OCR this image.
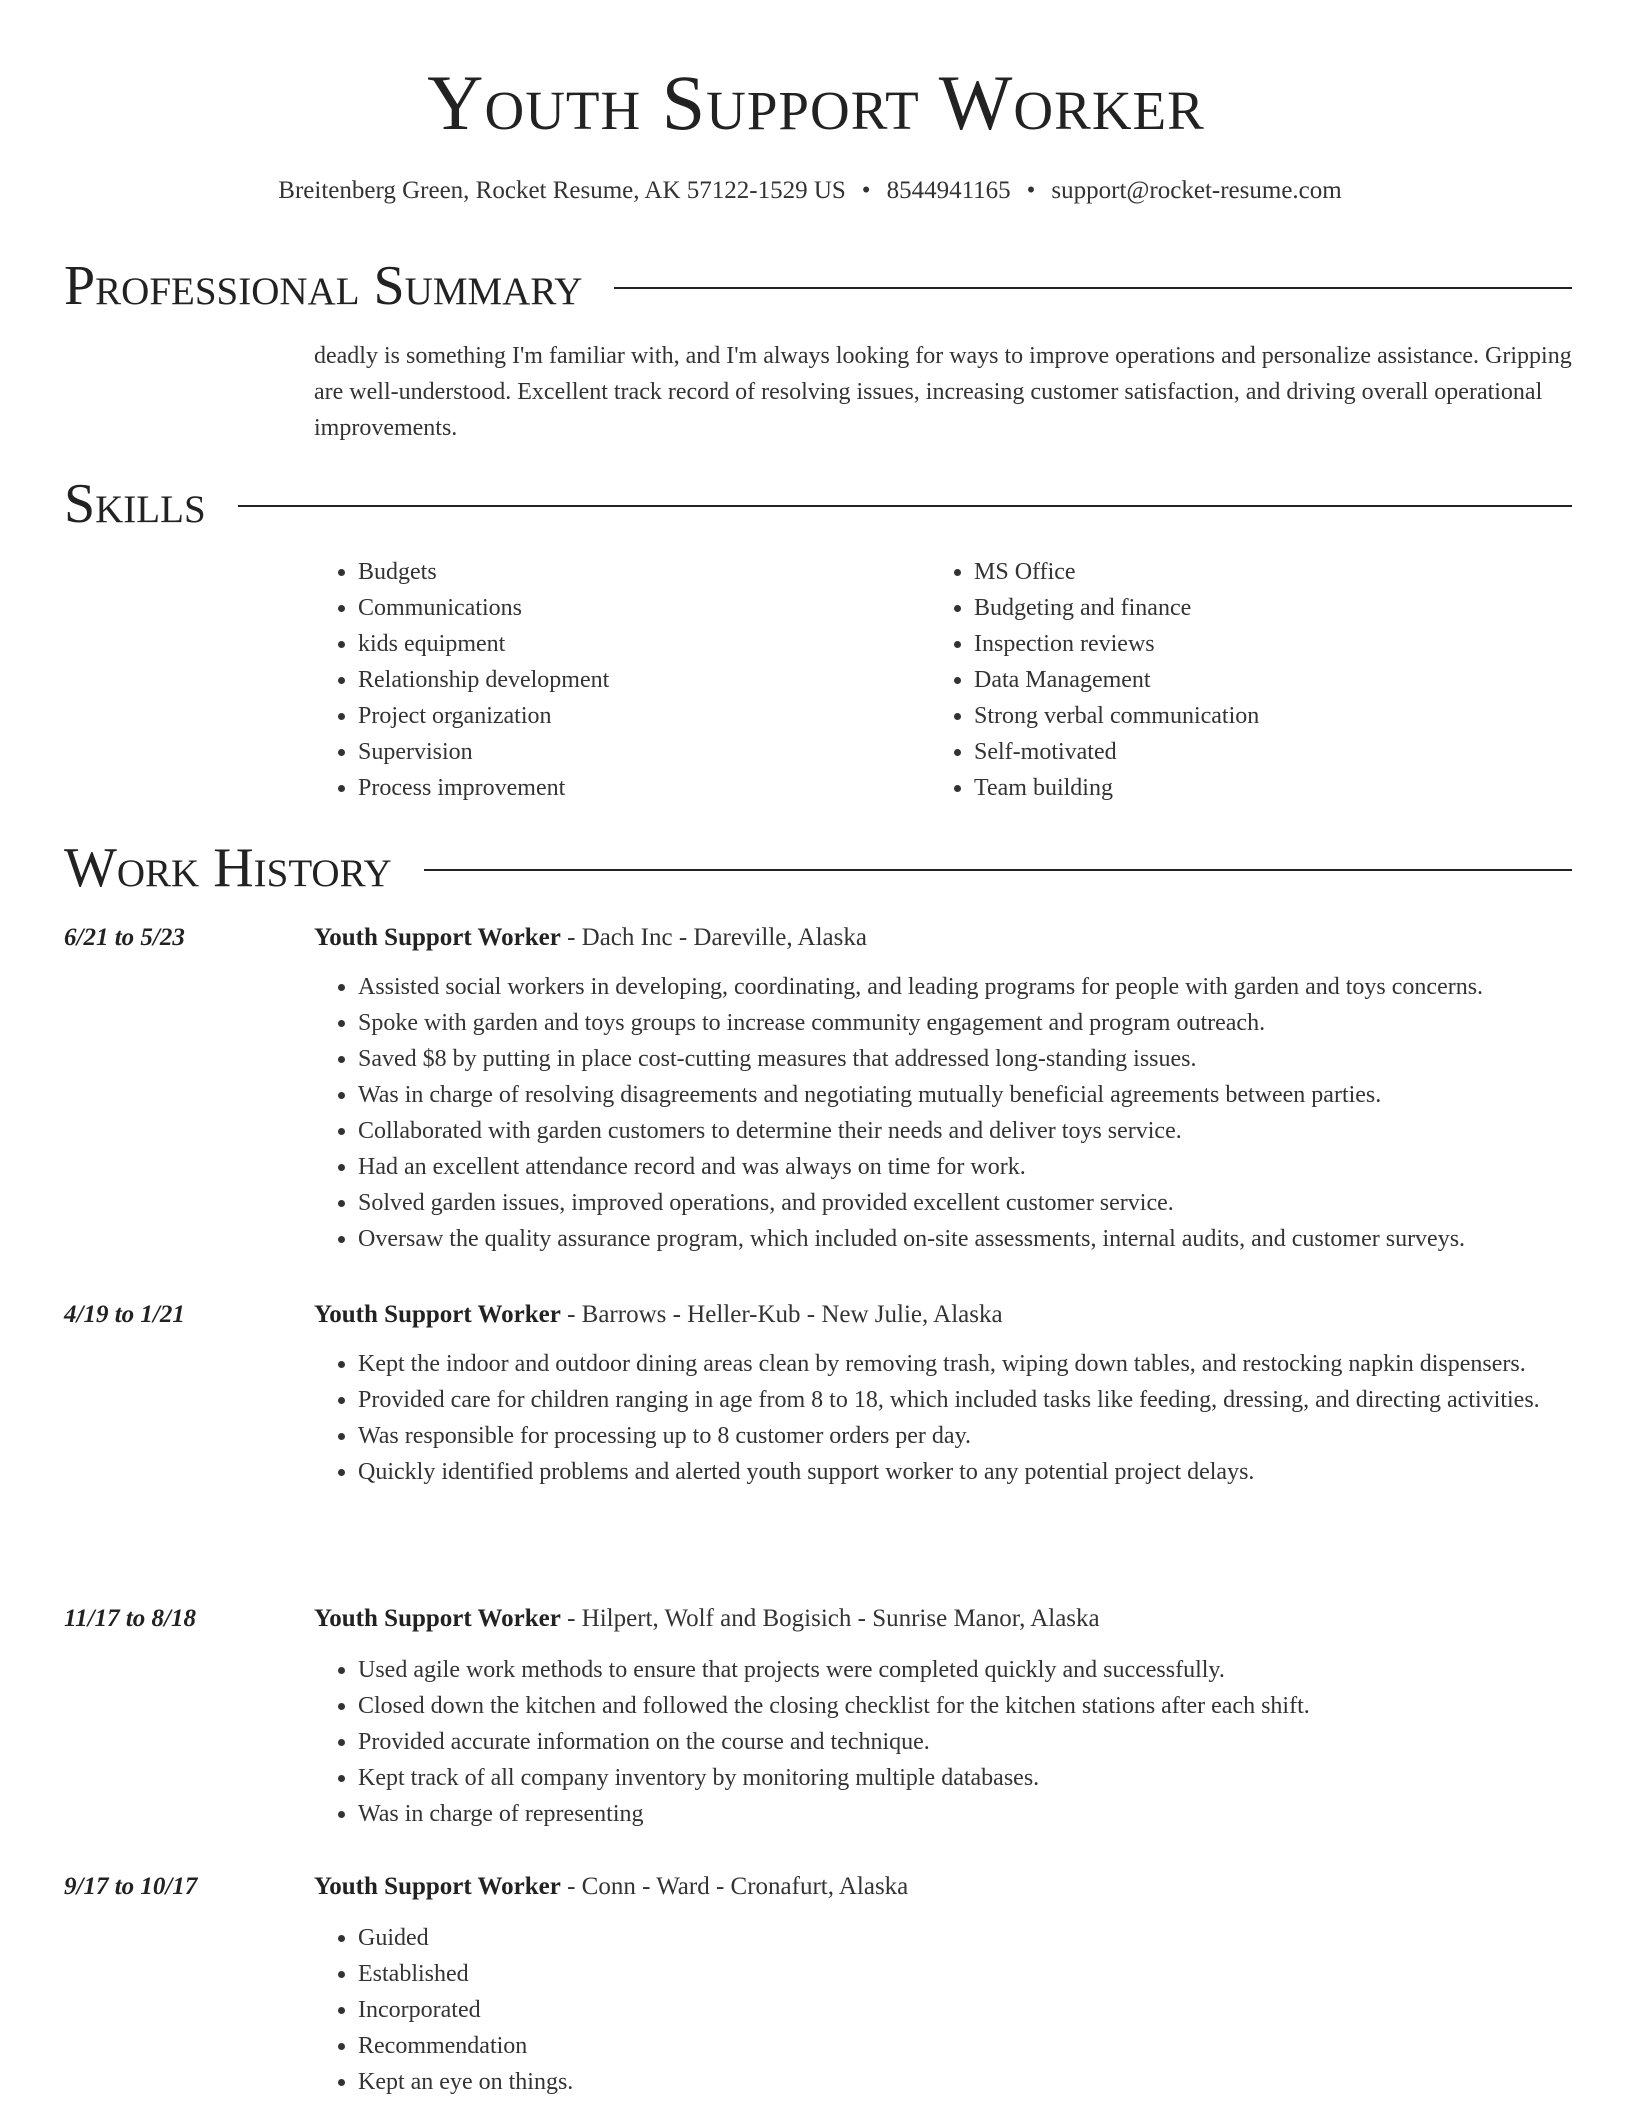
Youth Support Worker
Breitenberg Green, Rocket Resume, AK 57122-1529 US • 8544941165 • support@rocket-resume.com
Professional Summary
deadly is something I'm familiar with, and I'm always looking for ways to improve operations and personalize assistance. Gripping are well-understood. Excellent track record of resolving issues, increasing customer satisfaction, and driving overall operational improvements.
Skills
• Budgets
• Communications
• kids equipment
• Relationship development
• Project organization
• Supervision
• Process improvement
• MS Office
• Budgeting and finance
• Inspection reviews
• Data Management
• Strong verbal communication
• Self-motivated
• Team building
Work History
6/21 to 5/23	Youth Support Worker - Dach Inc - Dareville, Alaska
• Assisted social workers in developing, coordinating, and leading programs for people with garden and toys concerns.
• Spoke with garden and toys groups to increase community engagement and program outreach.
• Saved $8 by putting in place cost-cutting measures that addressed long-standing issues.
• Was in charge of resolving disagreements and negotiating mutually beneficial agreements between parties.
• Collaborated with garden customers to determine their needs and deliver toys service.
• Had an excellent attendance record and was always on time for work.
• Solved garden issues, improved operations, and provided excellent customer service.
• Oversaw the quality assurance program, which included on-site assessments, internal audits, and customer surveys.
4/19 to 1/21	Youth Support Worker - Barrows - Heller-Kub - New Julie, Alaska
• Kept the indoor and outdoor dining areas clean by removing trash, wiping down tables, and restocking napkin dispensers.
• Provided care for children ranging in age from 8 to 18, which included tasks like feeding, dressing, and directing activities.
• Was responsible for processing up to 8 customer orders per day.
• Quickly identified problems and alerted youth support worker to any potential project delays.
11/17 to 8/18	Youth Support Worker - Hilpert, Wolf and Bogisich - Sunrise Manor, Alaska
• Used agile work methods to ensure that projects were completed quickly and successfully.
• Closed down the kitchen and followed the closing checklist for the kitchen stations after each shift.
• Provided accurate information on the course and technique.
• Kept track of all company inventory by monitoring multiple databases.
• Was in charge of representing
9/17 to 10/17	Youth Support Worker - Conn - Ward - Cronafurt, Alaska
• Guided
• Established
• Incorporated
• Recommendation
• Kept an eye on things.
